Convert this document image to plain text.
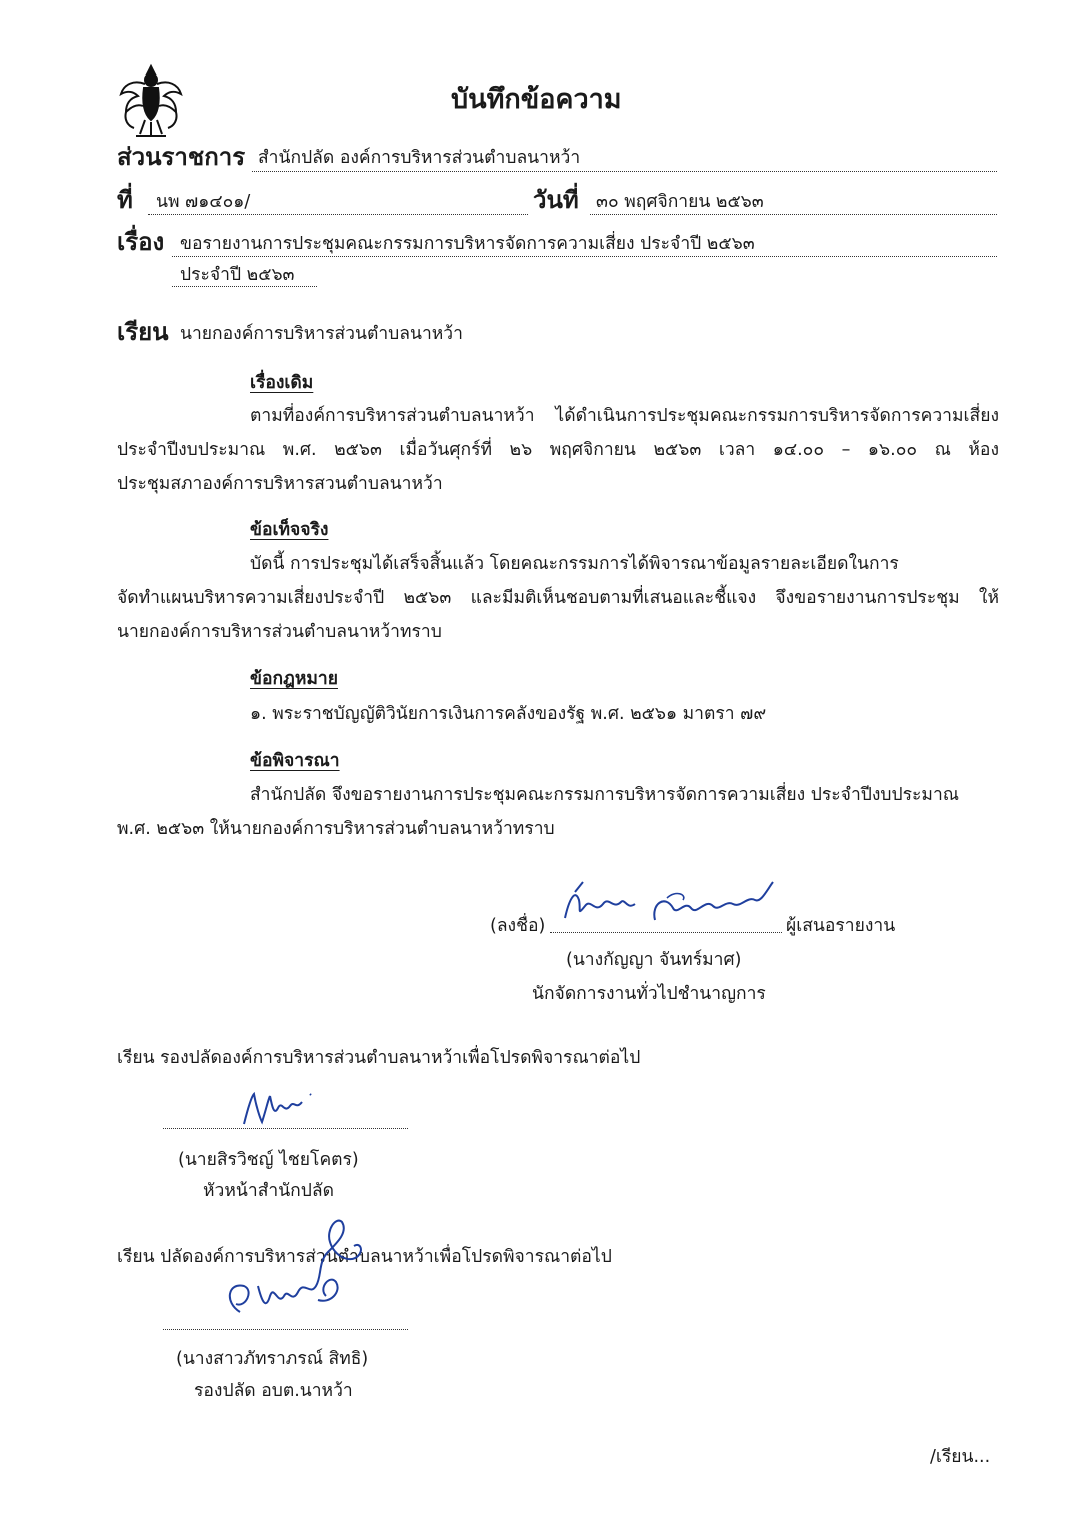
บันทึกข้อความ
ส่วนราชการ สำนักปลัด องค์การบริหารส่วนตำบลนาหว้า
ที่ นพ ๗๑๔๐๑/	วันที่ ๓๐ พฤศจิกายน ๒๕๖๓
เรื่อง ขอรายงานการประชุมคณะกรรมการบริหารจัดการความเสี่ยง ประจำปี ๒๕๖๓
ประจำปี ๒๕๖๓
เรียน นายกองค์การบริหารส่วนตำบลนาหว้า
เรื่องเดิม
ตามที่องค์การบริหารส่วนตำบลนาหว้า ได้ดำเนินการประชุมคณะกรรมการบริหารจัดการความเสี่ยง
ประจำปีงบประมาณ พ.ศ. ๒๕๖๓ เมื่อวันศุกร์ที่ ๒๖ พฤศจิกายน ๒๕๖๓ เวลา ๑๔.๐๐ – ๑๖.๐๐ ณ ห้อง
ประชุมสภาองค์การบริหารสวนตำบลนาหว้า
ข้อเท็จจริง
บัดนี้ การประชุมได้เสร็จสิ้นแล้ว โดยคณะกรรมการได้พิจารณาข้อมูลรายละเอียดในการ
จัดทำแผนบริหารความเสี่ยงประจำปี ๒๕๖๓ และมีมติเห็นชอบตามที่เสนอและชี้แจง จึงขอรายงานการประชุม ให้
นายกองค์การบริหารส่วนตำบลนาหว้าทราบ
ข้อกฎหมาย
๑. พระราชบัญญัติวินัยการเงินการคลังของรัฐ พ.ศ. ๒๕๖๑ มาตรา ๗๙
ข้อพิจารณา
สำนักปลัด จึงขอรายงานการประชุมคณะกรรมการบริหารจัดการความเสี่ยง ประจำปีงบประมาณ
พ.ศ. ๒๕๖๓ ให้นายกองค์การบริหารส่วนตำบลนาหว้าทราบ
(ลงชื่อ)	ผู้เสนอรายงาน
(นางกัญญา จันทร์มาศ)
นักจัดการงานทั่วไปชำนาญการ
เรียน รองปลัดองค์การบริหารส่วนตำบลนาหว้าเพื่อโปรดพิจารณาต่อไป
(นายสิรวิชญ์ ไชยโคตร)
หัวหน้าสำนักปลัด
เรียน ปลัดองค์การบริหารส่วนตำบลนาหว้าเพื่อโปรดพิจารณาต่อไป
(นางสาวภัทราภรณ์ สิทธิ)
รองปลัด อบต.นาหว้า
/เรียน...
